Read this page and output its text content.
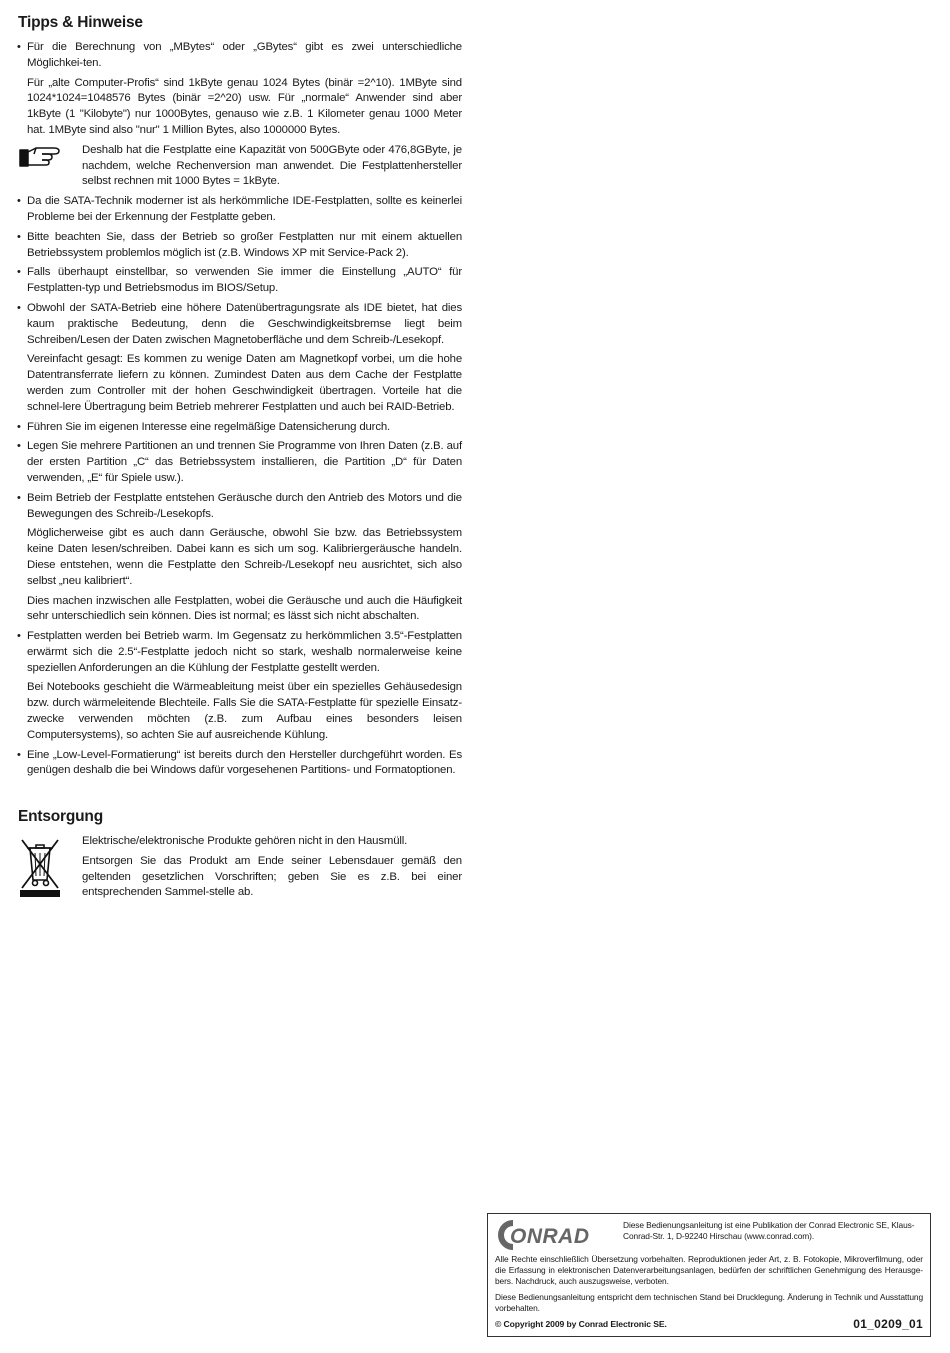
Tipps & Hinweise
• Für die Berechnung von „MBytes“ oder „GBytes“ gibt es zwei unterschiedliche Möglichkei-ten.
Für „alte Computer-Profis“ sind 1kByte genau 1024 Bytes (binär =2^10). 1MByte sind 1024*1024=1048576 Bytes (binär =2^20) usw. Für „normale“ Anwender sind aber 1kByte (1 "Kilobyte") nur 1000Bytes, genauso wie z.B. 1 Kilometer genau 1000 Meter hat. 1MByte sind also "nur" 1 Million Bytes, also 1000000 Bytes.
Deshalb hat die Festplatte eine Kapazität von 500GByte oder 476,8GByte, je nachdem, welche Rechenversion man anwendet. Die Festplattenhersteller selbst rechnen mit 1000 Bytes = 1kByte.
• Da die SATA-Technik moderner ist als herkömmliche IDE-Festplatten, sollte es keinerlei Probleme bei der Erkennung der Festplatte geben.
• Bitte beachten Sie, dass der Betrieb so großer Festplatten nur mit einem aktuellen Betriebssystem problemlos möglich ist (z.B. Windows XP mit Service-Pack 2).
• Falls überhaupt einstellbar, so verwenden Sie immer die Einstellung „AUTO“ für Festplatten-typ und Betriebsmodus im BIOS/Setup.
• Obwohl der SATA-Betrieb eine höhere Datenübertragungsrate als IDE bietet, hat dies kaum praktische Bedeutung, denn die Geschwindigkeitsbremse liegt beim Schreiben/Lesen der Daten zwischen Magnetoberfläche und dem Schreib-/Lesekopf.
Vereinfacht gesagt: Es kommen zu wenige Daten am Magnetkopf vorbei, um die hohe Datentransferrate liefern zu können. Zumindest Daten aus dem Cache der Festplatte werden zum Controller mit der hohen Geschwindigkeit übertragen. Vorteile hat die schnel-lere Übertragung beim Betrieb mehrerer Festplatten und auch bei RAID-Betrieb.
• Führen Sie im eigenen Interesse eine regelmäßige Datensicherung durch.
• Legen Sie mehrere Partitionen an und trennen Sie Programme von Ihren Daten (z.B. auf der ersten Partition „C“ das Betriebssystem installieren, die Partition „D“ für Daten verwenden, „E“ für Spiele usw.).
• Beim Betrieb der Festplatte entstehen Geräusche durch den Antrieb des Motors und die Bewegungen des Schreib-/Lesekopfs.
Möglicherweise gibt es auch dann Geräusche, obwohl Sie bzw. das Betriebssystem keine Daten lesen/schreiben. Dabei kann es sich um sog. Kalibriergeräusche handeln. Diese entstehen, wenn die Festplatte den Schreib-/Lesekopf neu ausrichtet, sich also selbst „neu kalibriert“.
Dies machen inzwischen alle Festplatten, wobei die Geräusche und auch die Häufigkeit sehr unterschiedlich sein können. Dies ist normal; es lässt sich nicht abschalten.
• Festplatten werden bei Betrieb warm. Im Gegensatz zu herkömmlichen 3.5“-Festplatten erwärmt sich die 2.5“-Festplatte jedoch nicht so stark, weshalb normalerweise keine speziellen Anforderungen an die Kühlung der Festplatte gestellt werden.
Bei Notebooks geschieht die Wärmeableitung meist über ein spezielles Gehäusedesign bzw. durch wärmeleitende Blechteile. Falls Sie die SATA-Festplatte für spezielle Einsatz-zwecke verwenden möchten (z.B. zum Aufbau eines besonders leisen Computersystems), so achten Sie auf ausreichende Kühlung.
• Eine „Low-Level-Formatierung“ ist bereits durch den Hersteller durchgeführt worden. Es genügen deshalb die bei Windows dafür vorgesehenen Partitions- und Formatoptionen.
Entsorgung
Elektrische/elektronische Produkte gehören nicht in den Hausmüll.
Entsorgen Sie das Produkt am Ende seiner Lebensdauer gemäß den geltenden gesetzlichen Vorschriften; geben Sie es z.B. bei einer entsprechenden Sammel-stelle ab.
ONRAD	Diese Bedienungsanleitung ist eine Publikation der Conrad Electronic SE, Klaus-Conrad-Str. 1, D-92240 Hirschau (www.conrad.com).
Alle Rechte einschließlich Übersetzung vorbehalten. Reproduktionen jeder Art, z. B. Fotokopie, Mikroverfilmung, oder die Erfassung in elektronischen Datenverarbeitungsanlagen, bedürfen der schriftlichen Genehmigung des Herausge-bers. Nachdruck, auch auszugsweise, verboten.
Diese Bedienungsanleitung entspricht dem technischen Stand bei Drucklegung. Änderung in Technik und Ausstattung vorbehalten.
© Copyright 2009 by Conrad Electronic SE.	01_0209_01
